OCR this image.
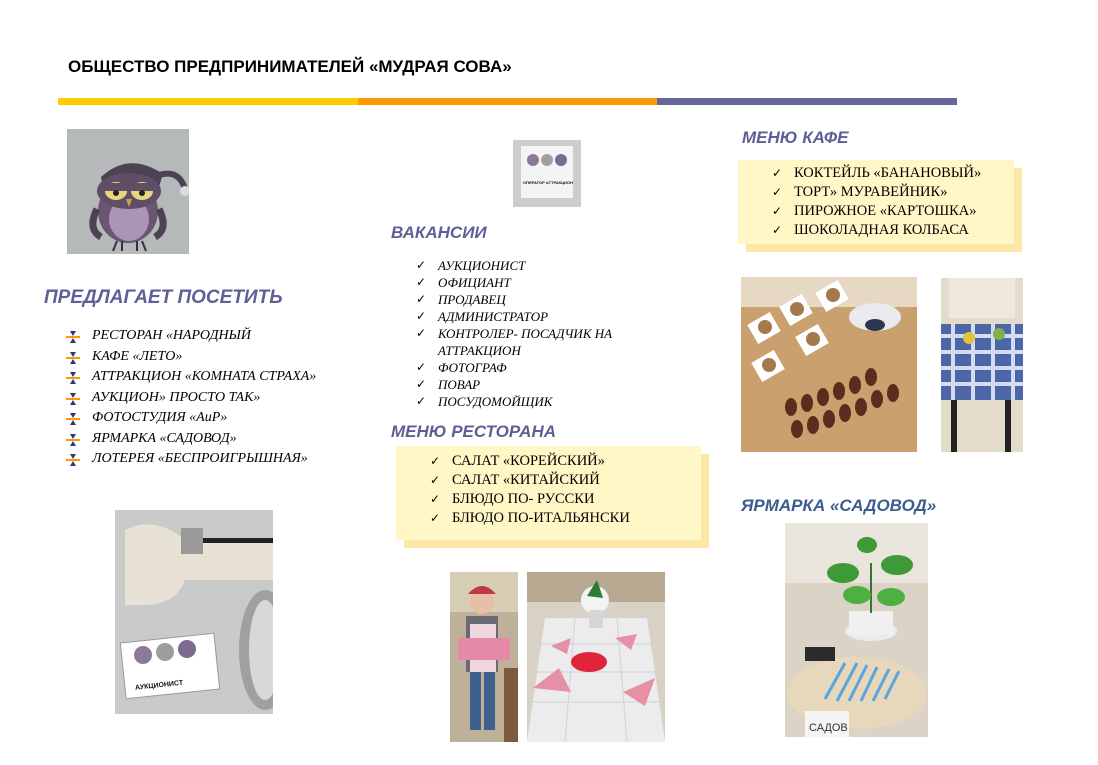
ОБЩЕСТВО ПРЕДПРИНИМАТЕЛЕЙ «МУДРАЯ СОВА»
ПРЕДЛАГАЕТ ПОСЕТИТЬ
РЕСТОРАН «НАРОДНЫЙ
КАФЕ «ЛЕТО»
АТТРАКЦИОН «КОМНАТА СТРАХА»
АУКЦИОН» ПРОСТО ТАК»
ФОТОСТУДИЯ «АиР»
ЯРМАРКА «САДОВОД»
ЛОТЕРЕЯ «БЕСПРОИГРЫШНАЯ»
АУКЦИОНИСТ
ОПЕРАТОР АТТРАКЦИОН
ВАКАНСИИ
✓ АУКЦИОНИСТ
✓ ОФИЦИАНТ
✓ ПРОДАВЕЦ
✓ АДМИНИСТРАТОР
✓ КОНТРОЛЕР- ПОСАДЧИК НА АТТРАКЦИОН
✓ ФОТОГРАФ
✓ ПОВАР
✓ ПОСУДОМОЙЩИК
МЕНЮ РЕСТОРАНА
✓ САЛАТ «КОРЕЙСКИЙ»
✓ САЛАТ «КИТАЙСКИЙ
✓ БЛЮДО ПО- РУССКИ
✓ БЛЮДО ПО-ИТАЛЬЯНСКИ
МЕНЮ КАФЕ
✓ КОКТЕЙЛЬ «БАНАНОВЫЙ»
✓ ТОРТ» МУРАВЕЙНИК»
✓ ПИРОЖНОЕ «КАРТОШКА»
✓ ШОКОЛАДНАЯ КОЛБАСА
ЯРМАРКА «САДОВОД»
САДОВ
